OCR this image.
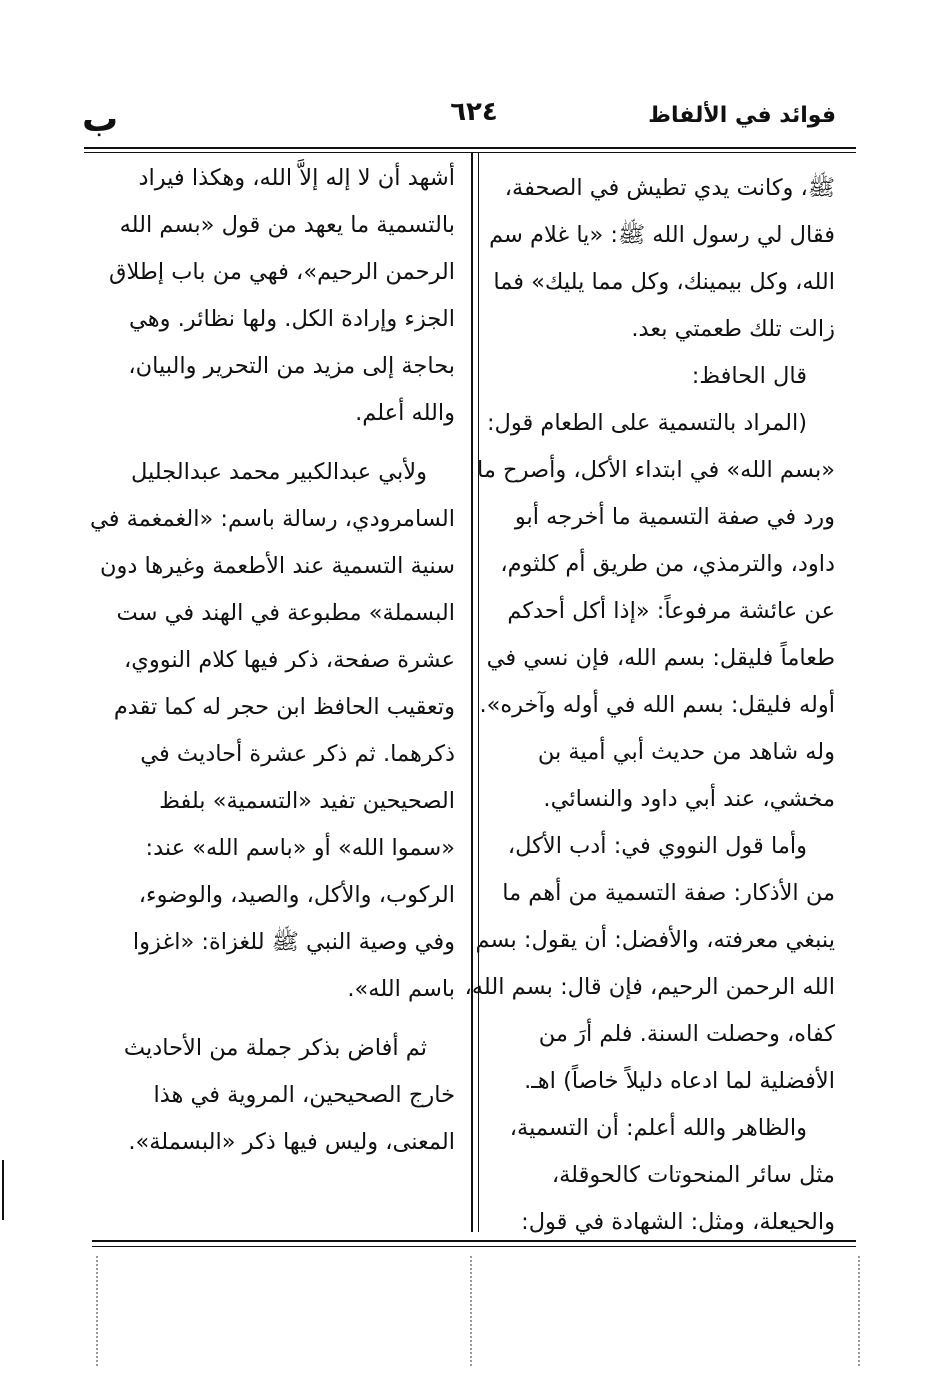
فوائد في الألفاظ
٦٢٤
ب
ﷺ، وكانت يدي تطيش في الصحفة،
فقال لي رسول الله ﷺ: «يا غلام سم
الله، وكل بيمينك، وكل مما يليك» فما
زالت تلك طعمتي بعد.
قال الحافظ:
(المراد بالتسمية على الطعام قول:
«بسم الله» في ابتداء الأكل، وأصرح ما
ورد في صفة التسمية ما أخرجه أبو
داود، والترمذي، من طريق أم كلثوم،
عن عائشة مرفوعاً: «إذا أكل أحدكم
طعاماً فليقل: بسم الله، فإن نسي في
أوله فليقل: بسم الله في أوله وآخره».
وله شاهد من حديث أبي أمية بن
مخشي، عند أبي داود والنسائي.
وأما قول النووي في: أدب الأكل،
من الأذكار: صفة التسمية من أهم ما
ينبغي معرفته، والأفضل: أن يقول: بسم
الله الرحمن الرحيم، فإن قال: بسم الله،
كفاه، وحصلت السنة. فلم أرَ من
الأفضلية لما ادعاه دليلاً خاصاً) اهـ.
والظاهر والله أعلم: أن التسمية،
مثل سائر المنحوتات كالحوقلة،
والحيعلة، ومثل: الشهادة في قول:
أشهد أن لا إله إلاَّ الله، وهكذا فيراد
بالتسمية ما يعهد من قول «بسم الله
الرحمن الرحيم»، فهي من باب إطلاق
الجزء وإرادة الكل. ولها نظائر. وهي
بحاجة إلى مزيد من التحرير والبيان،
والله أعلم.
ولأبي عبدالكبير محمد عبدالجليل
السامرودي، رسالة باسم: «الغمغمة في
سنية التسمية عند الأطعمة وغيرها دون
البسملة» مطبوعة في الهند في ست
عشرة صفحة، ذكر فيها كلام النووي،
وتعقيب الحافظ ابن حجر له كما تقدم
ذكرهما. ثم ذكر عشرة أحاديث في
الصحيحين تفيد «التسمية» بلفظ
«سموا الله» أو «باسم الله» عند:
الركوب، والأكل، والصيد، والوضوء،
وفي وصية النبي ﷺ للغزاة: «اغزوا
باسم الله».
ثم أفاض بذكر جملة من الأحاديث
خارج الصحيحين، المروية في هذا
المعنى، وليس فيها ذكر «البسملة».
